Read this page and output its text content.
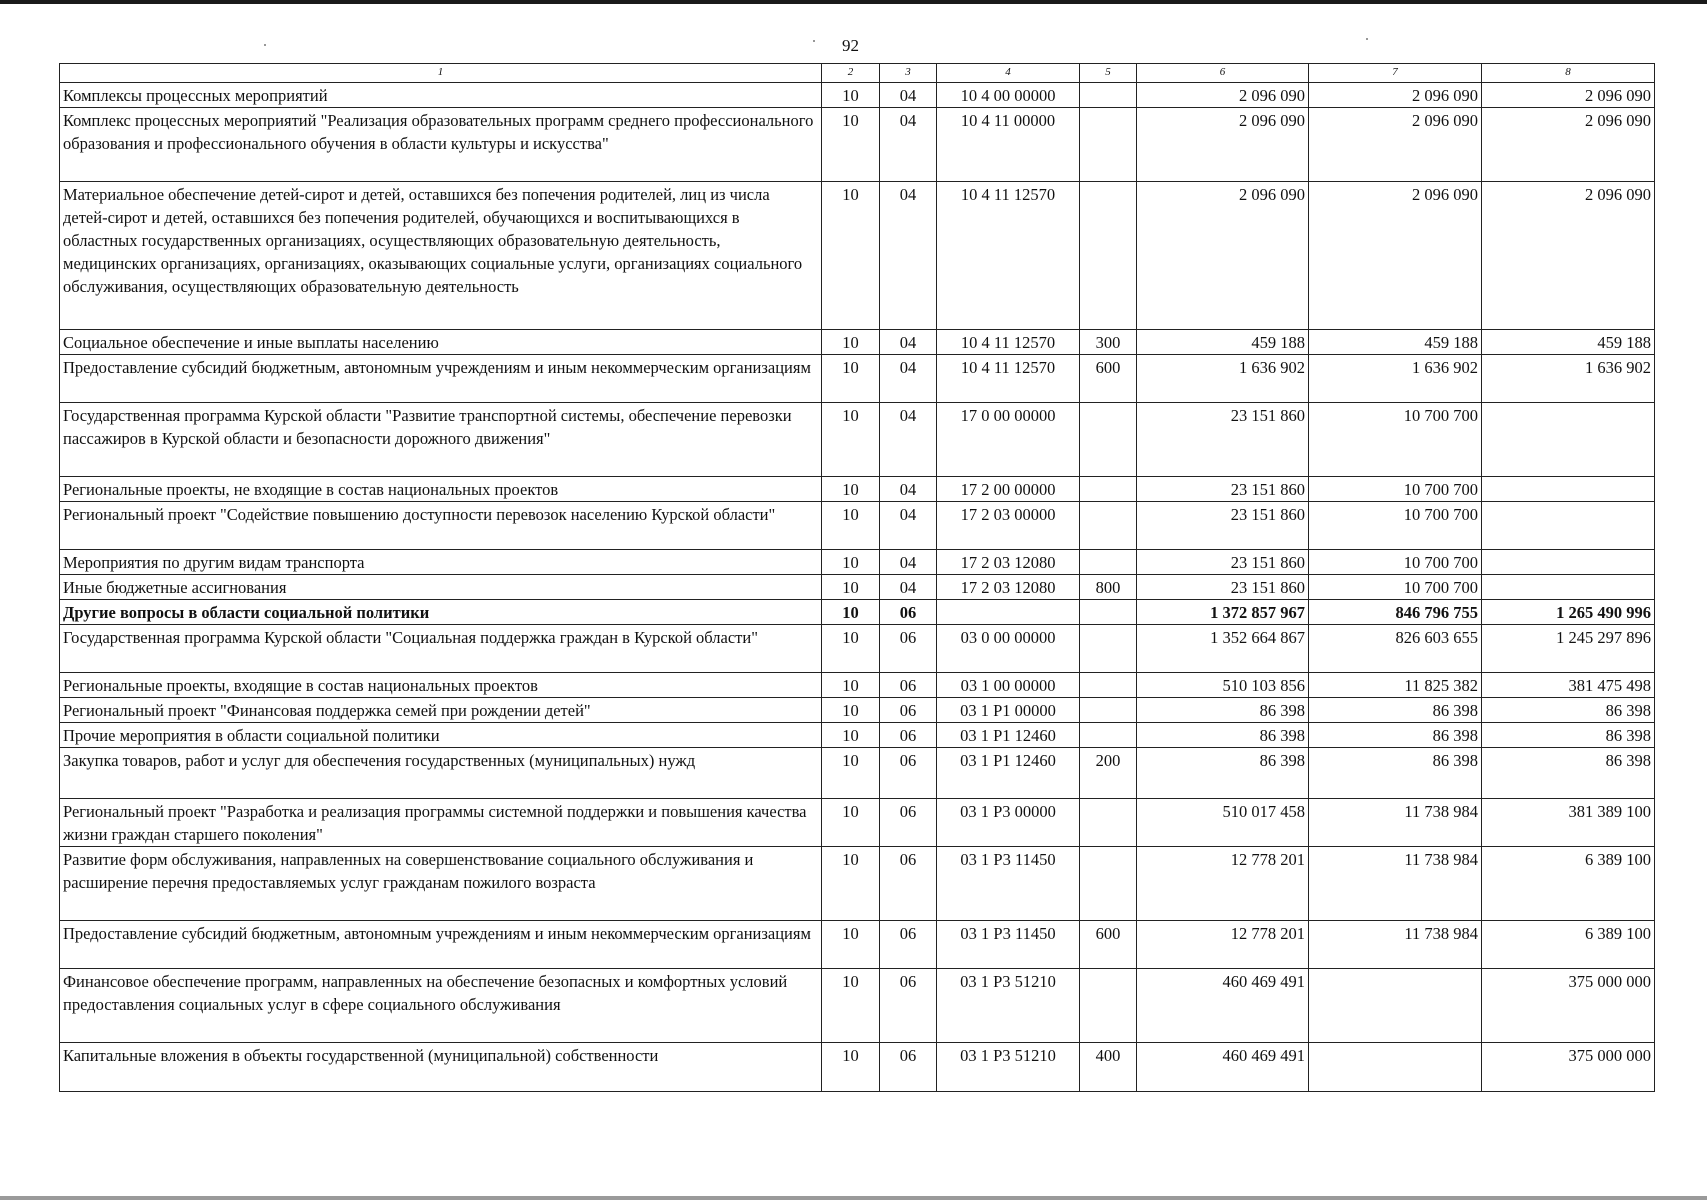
92
1	2	3	4	5	6	7	8
Комплексы процессных мероприятий	10	04	10 4 00 00000		2 096 090	2 096 090	2 096 090
Комплекс процессных мероприятий "Реализация образовательных программ среднего профессионального образования и профессионального обучения в области культуры и искусства"	10	04	10 4 11 00000		2 096 090	2 096 090	2 096 090
Материальное обеспечение детей-сирот и детей, оставшихся без попечения родителей, лиц из числа детей-сирот и детей, оставшихся без попечения родителей, обучающихся и воспитывающихся в областных государственных организациях, осуществляющих образовательную деятельность, медицинских организациях, организациях, оказывающих социальные услуги, организациях социального обслуживания, осуществляющих образовательную деятельность	10	04	10 4 11 12570		2 096 090	2 096 090	2 096 090
Социальное обеспечение и иные выплаты населению	10	04	10 4 11 12570	300	459 188	459 188	459 188
Предоставление субсидий бюджетным, автономным учреждениям и иным некоммерческим организациям	10	04	10 4 11 12570	600	1 636 902	1 636 902	1 636 902
Государственная программа Курской области "Развитие транспортной системы, обеспечение перевозки пассажиров в Курской области и безопасности дорожного движения"	10	04	17 0 00 00000		23 151 860	10 700 700	
Региональные проекты, не входящие в состав национальных проектов	10	04	17 2 00 00000		23 151 860	10 700 700	
Региональный проект "Содействие повышению доступности перевозок населению Курской области"	10	04	17 2 03 00000		23 151 860	10 700 700	
Мероприятия по другим видам транспорта	10	04	17 2 03 12080		23 151 860	10 700 700	
Иные бюджетные ассигнования	10	04	17 2 03 12080	800	23 151 860	10 700 700	
Другие вопросы в области социальной политики	10	06			1 372 857 967	846 796 755	1 265 490 996
Государственная программа Курской области "Социальная поддержка граждан в Курской области"	10	06	03 0 00 00000		1 352 664 867	826 603 655	1 245 297 896
Региональные проекты, входящие в состав национальных проектов	10	06	03 1 00 00000		510 103 856	11 825 382	381 475 498
Региональный проект "Финансовая поддержка семей при рождении детей"	10	06	03 1 P1 00000		86 398	86 398	86 398
Прочие мероприятия в области социальной политики	10	06	03 1 P1 12460		86 398	86 398	86 398
Закупка товаров, работ и услуг для обеспечения государственных (муниципальных) нужд	10	06	03 1 P1 12460	200	86 398	86 398	86 398
Региональный проект "Разработка и реализация программы системной поддержки и повышения качества жизни граждан старшего поколения"	10	06	03 1 P3 00000		510 017 458	11 738 984	381 389 100
Развитие форм обслуживания, направленных на совершенствование социального обслуживания и расширение перечня предоставляемых услуг гражданам пожилого возраста	10	06	03 1 P3 11450		12 778 201	11 738 984	6 389 100
Предоставление субсидий бюджетным, автономным учреждениям и иным некоммерческим организациям	10	06	03 1 P3 11450	600	12 778 201	11 738 984	6 389 100
Финансовое обеспечение программ, направленных на обеспечение безопасных и комфортных условий предоставления социальных услуг в сфере социального обслуживания	10	06	03 1 P3 51210		460 469 491		375 000 000
Капитальные вложения в объекты государственной (муниципальной) собственности	10	06	03 1 P3 51210	400	460 469 491		375 000 000
